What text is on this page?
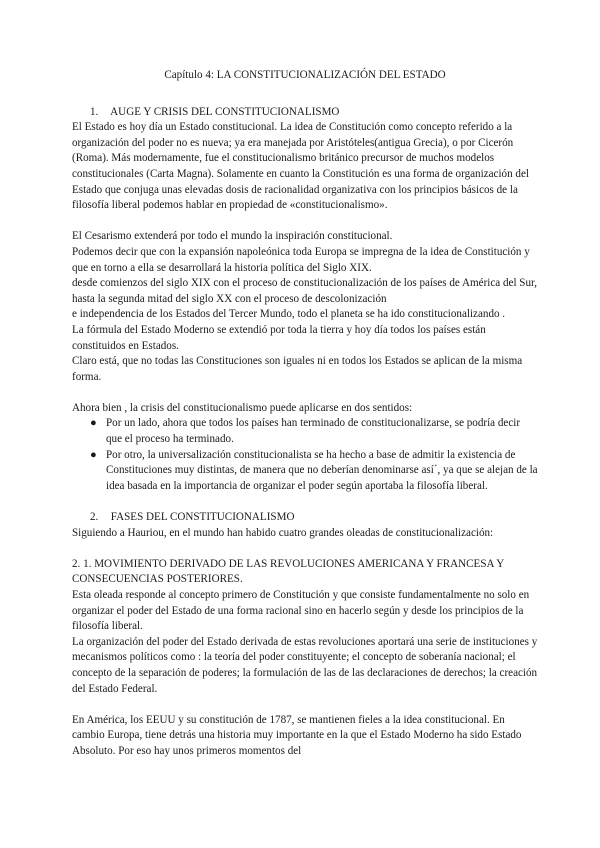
Capítulo 4: LA CONSTITUCIONALIZACIÓN DEL ESTADO

1. AUGE Y CRISIS DEL CONSTITUCIONALISMO

El Estado es hoy día un Estado constitucional. La idea de Constitución como concepto referido a la organización del poder no es nueva; ya era manejada por Aristóteles(antigua Grecia), o por Cicerón (Roma). Más modernamente, fue el constitucionalismo británico precursor de muchos modelos constitucionales (Carta Magna). Solamente en cuanto la Constitución es una forma de organización del Estado que conjuga unas elevadas dosis de racionalidad organizativa con los principios básicos de la filosofía liberal podemos hablar en propiedad de «constitucionalismo».

El Cesarismo extenderá por todo el mundo la inspiración constitucional.

Podemos decir que con la expansión napoleónica toda Europa se impregna de la idea de Constitución y que en torno a ella se desarrollará la historia política del Siglo XIX.

desde comienzos del siglo XIX con el proceso de constitucionalización de los países de América del Sur, hasta la segunda mitad del siglo XX con el proceso de descolonización

e independencia de los Estados del Tercer Mundo, todo el planeta se ha ido constitucionalizando .

La fórmula del Estado Moderno se extendió por toda la tierra y hoy día todos los países están constituidos en Estados.

Claro está, que no todas las Constituciones son iguales ni en todos los Estados se aplican de la misma forma.

Ahora bien , la crisis del constitucionalismo puede aplicarse en dos sentidos:

● Por un lado, ahora que todos los países han terminado de constitucionalizarse, se podría decir que el proceso ha terminado.
● Por otro, la universalización constitucionalista se ha hecho a base de admitir la existencia de Constituciones muy distintas, de manera que no deberían denominarse así´, ya que se alejan de la idea basada en la importancia de organizar el poder según aportaba la filosofía liberal.

2. FASES DEL CONSTITUCIONALISMO

Siguiendo a Hauriou, en el mundo han habido cuatro grandes oleadas de constitucionalización:

2. 1. MOVIMIENTO DERIVADO DE LAS REVOLUCIONES AMERICANA Y FRANCESA Y CONSECUENCIAS POSTERIORES.

Esta oleada responde al concepto primero de Constitución y que consiste fundamentalmente no solo en organizar el poder del Estado de una forma racional sino en hacerlo según y desde los principios de la filosofía liberal.

La organización del poder del Estado derivada de estas revoluciones aportará una serie de instituciones y mecanismos políticos como : la teoría del poder constituyente; el concepto de soberanía nacional; el concepto de la separación de poderes; la formulación de las de las declaraciones de derechos; la creación del Estado Federal.

En América, los EEUU y su constitución de 1787, se mantienen fieles a la idea constitucional. En cambio Europa, tiene detrás una historia muy importante en la que el Estado Moderno ha sido Estado Absoluto. Por eso hay unos primeros momentos del
